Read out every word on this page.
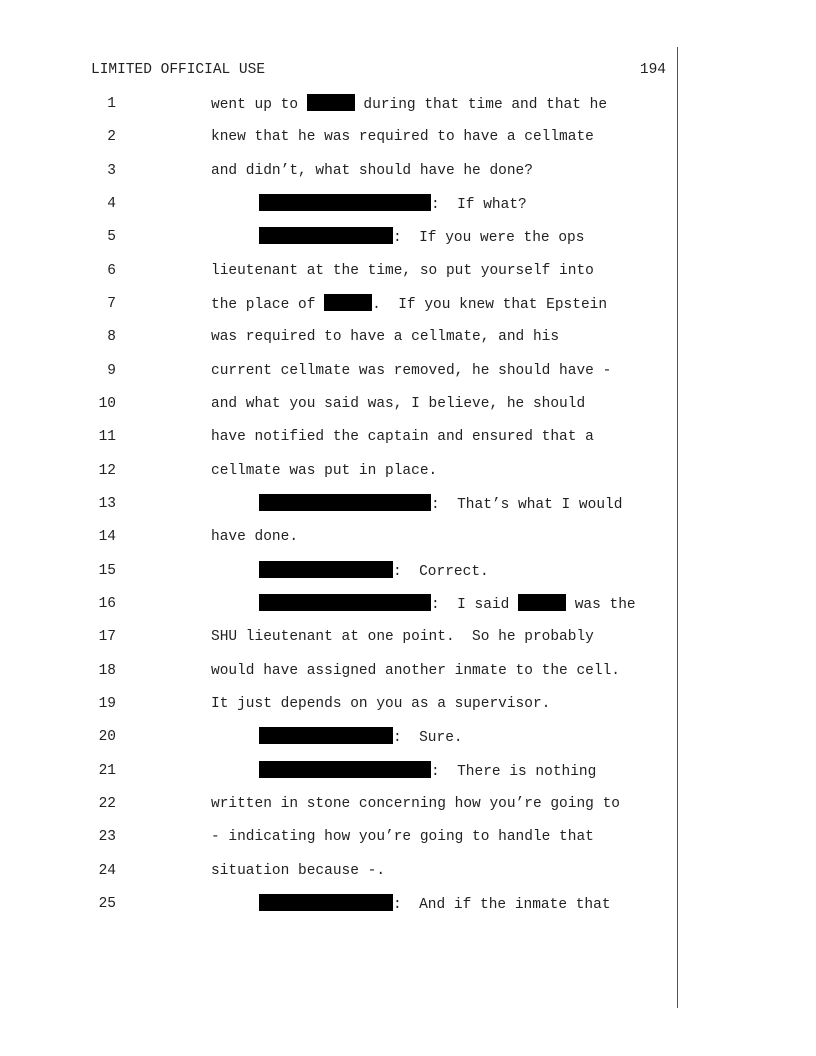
LIMITED OFFICIAL USE	194
1	went up to	during that time and that he
2	knew that he was required to have a cellmate
3	and didn’t, what should have he done?
4	:  If what?
5	:  If you were the ops
6	lieutenant at the time, so put yourself into
7	the place of	.  If you knew that Epstein
8	was required to have a cellmate, and his
9	current cellmate was removed, he should have -
10	and what you said was, I believe, he should
11	have notified the captain and ensured that a
12	cellmate was put in place.
13	:  That’s what I would
14	have done.
15	:  Correct.
16	:  I said	was the
17	SHU lieutenant at one point.  So he probably
18	would have assigned another inmate to the cell.
19	It just depends on you as a supervisor.
20	:  Sure.
21	:  There is nothing
22	written in stone concerning how you’re going to
23	- indicating how you’re going to handle that
24	situation because -.
25	:  And if the inmate that
